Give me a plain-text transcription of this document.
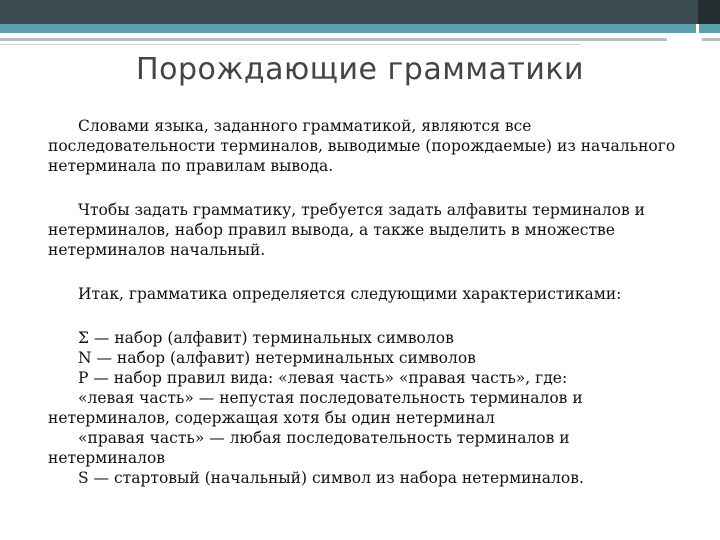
Порождающие грамматики

Словами языка, заданного грамматикой, являются все последовательности терминалов, выводимые (порождаемые) из начального нетерминала по правилам вывода.

Чтобы задать грамматику, требуется задать алфавиты терминалов и нетерминалов, набор правил вывода, а также выделить в множестве нетерминалов начальный.

Итак, грамматика определяется следующими характеристиками:

Σ — набор (алфавит) терминальных символов

N — набор (алфавит) нетерминальных символов

P — набор правил вида: «левая часть» «правая часть», где:

«левая часть» — непустая последовательность терминалов и нетерминалов, содержащая хотя бы один нетерминал

«правая часть» — любая последовательность терминалов и нетерминалов

S — стартовый (начальный) символ из набора нетерминалов.
